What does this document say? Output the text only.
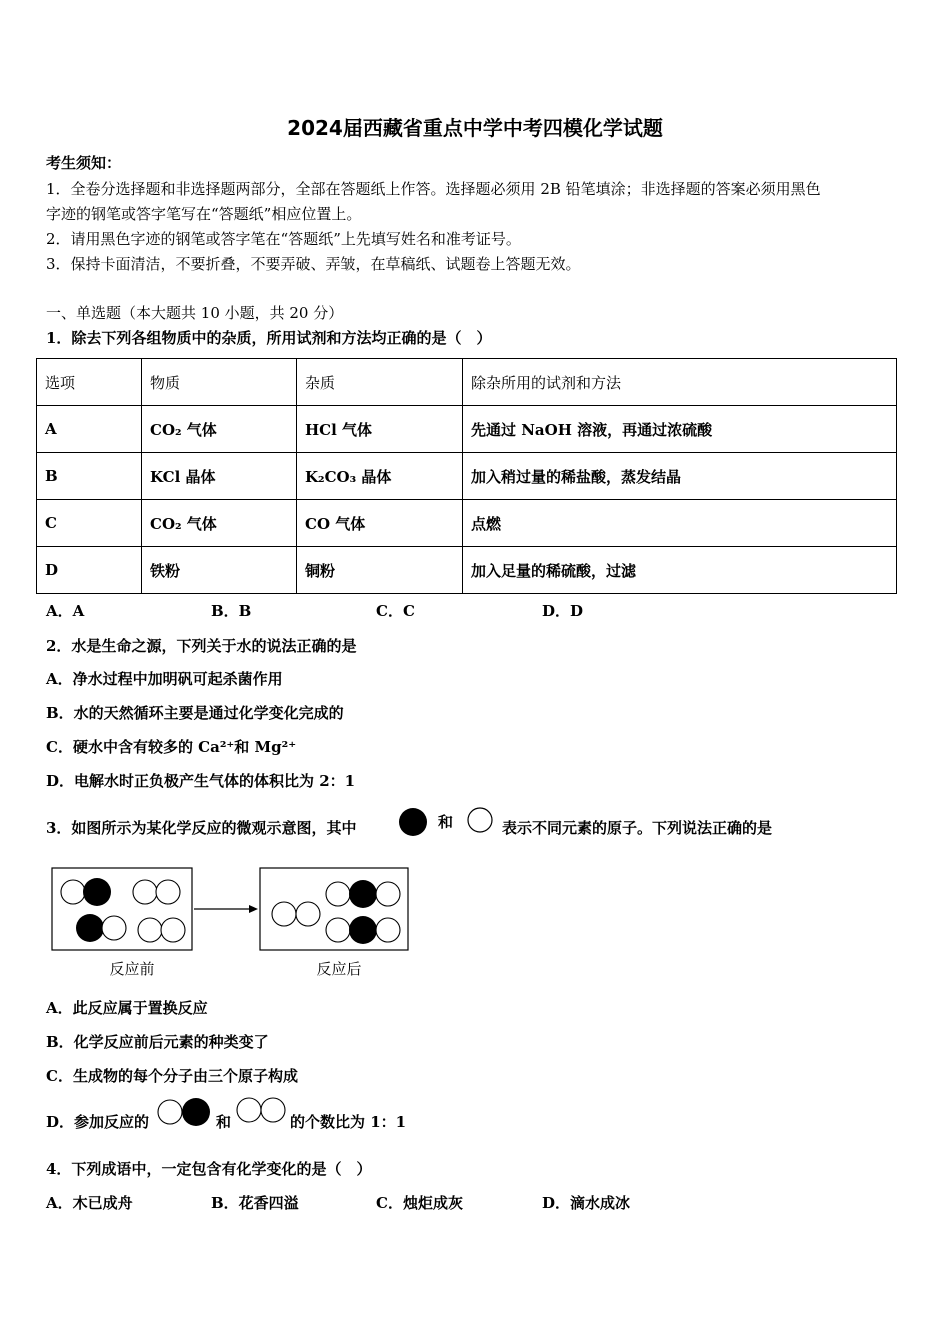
2024届西藏省重点中学中考四模化学试题
考生须知：
1．全卷分选择题和非选择题两部分，全部在答题纸上作答。选择题必须用 2B 铅笔填涂；非选择题的答案必须用黑色
字迹的钢笔或答字笔写在“答题纸”相应位置上。
2．请用黑色字迹的钢笔或答字笔在“答题纸”上先填写姓名和准考证号。
3．保持卡面清洁，不要折叠，不要弄破、弄皱，在草稿纸、试题卷上答题无效。
一、单选题（本大题共 10 小题，共 20 分）
1．除去下列各组物质中的杂质，所用试剂和方法均正确的是（　）
选项	物质	杂质	除杂所用的试剂和方法
A	CO₂ 气体	HCl 气体	先通过 NaOH 溶液，再通过浓硫酸
B	KCl 晶体	K₂CO₃ 晶体	加入稍过量的稀盐酸，蒸发结晶
C	CO₂ 气体	CO 气体	点燃
D	铁粉	铜粉	加入足量的稀硫酸，过滤
A．A	B．B	C．C	D．D
2．水是生命之源，下列关于水的说法正确的是
A．净水过程中加明矾可起杀菌作用
B．水的天然循环主要是通过化学变化完成的
C．硬水中含有较多的 Ca²⁺和 Mg²⁺
D．电解水时正负极产生气体的体积比为 2：1
3．如图所示为某化学反应的微观示意图，其中	和	表示不同元素的原子。下列说法正确的是
反应前	反应后
A．此反应属于置换反应
B．化学反应前后元素的种类变了
C．生成物的每个分子由三个原子构成
D．参加反应的	和	的个数比为 1：1
4．下列成语中，一定包含有化学变化的是（　）
A．木已成舟	B．花香四溢	C．烛炬成灰	D．滴水成冰
